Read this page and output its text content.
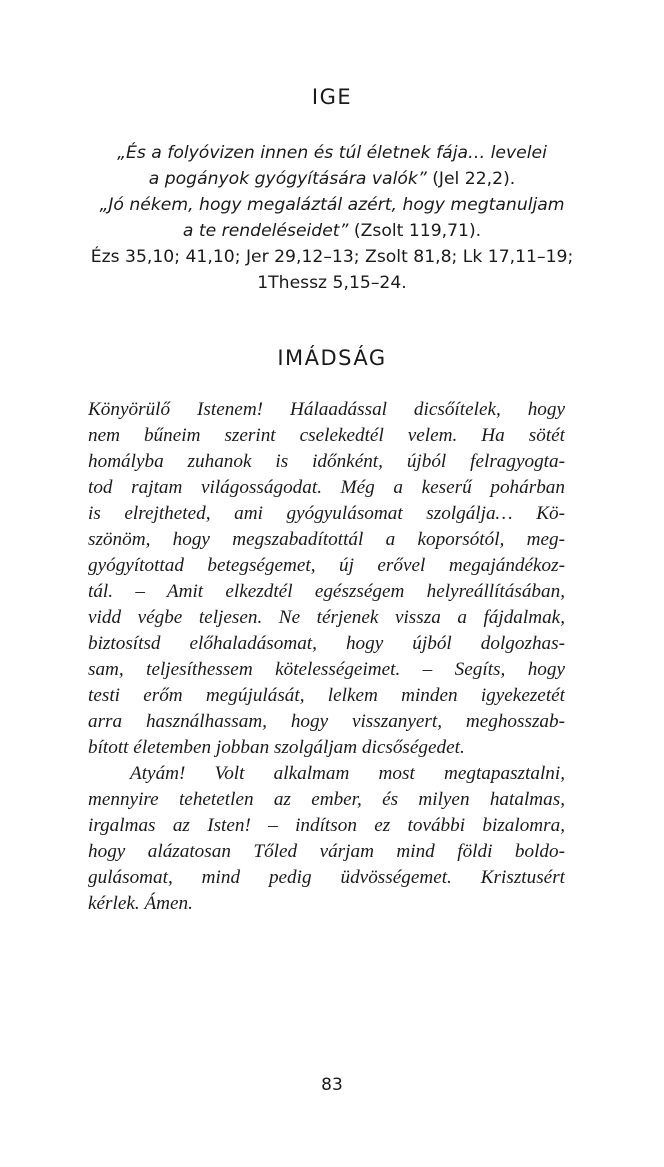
IGE
„És a folyóvizen innen és túl életnek fája… levelei
a pogányok gyógyítására valók” (Jel 22,2).
„Jó nékem, hogy megaláztál azért, hogy megtanuljam
a te rendeléseidet” (Zsolt 119,71).
Ézs 35,10; 41,10; Jer 29,12–13; Zsolt 81,8; Lk 17,11–19;
1Thessz 5,15–24.
IMÁDSÁG
Könyörülő Istenem! Hálaadással dicsőítelek, hogy
nem bűneim szerint cselekedtél velem. Ha sötét
homályba zuhanok is időnként, újból felragyogta-
tod rajtam világosságodat. Még a keserű pohárban
is elrejtheted, ami gyógyulásomat szolgálja… Kö-
szönöm, hogy megszabadítottál a koporsótól, meg-
gyógyítottad betegségemet, új erővel megajándékoz-
tál. – Amit elkezdtél egészségem helyreállításában,
vidd végbe teljesen. Ne térjenek vissza a fájdalmak,
biztosítsd előhaladásomat, hogy újból dolgozhas-
sam, teljesíthessem kötelességeimet. – Segíts, hogy
testi erőm megújulását, lelkem minden igyekezetét
arra használhassam, hogy visszanyert, meghosszab-
bított életemben jobban szolgáljam dicsőségedet.
Atyám! Volt alkalmam most megtapasztalni,
mennyire tehetetlen az ember, és milyen hatalmas,
irgalmas az Isten! – indítson ez további bizalomra,
hogy alázatosan Tőled várjam mind földi boldo-
gulásomat, mind pedig üdvösségemet. Krisztusért
kérlek. Ámen.
83
